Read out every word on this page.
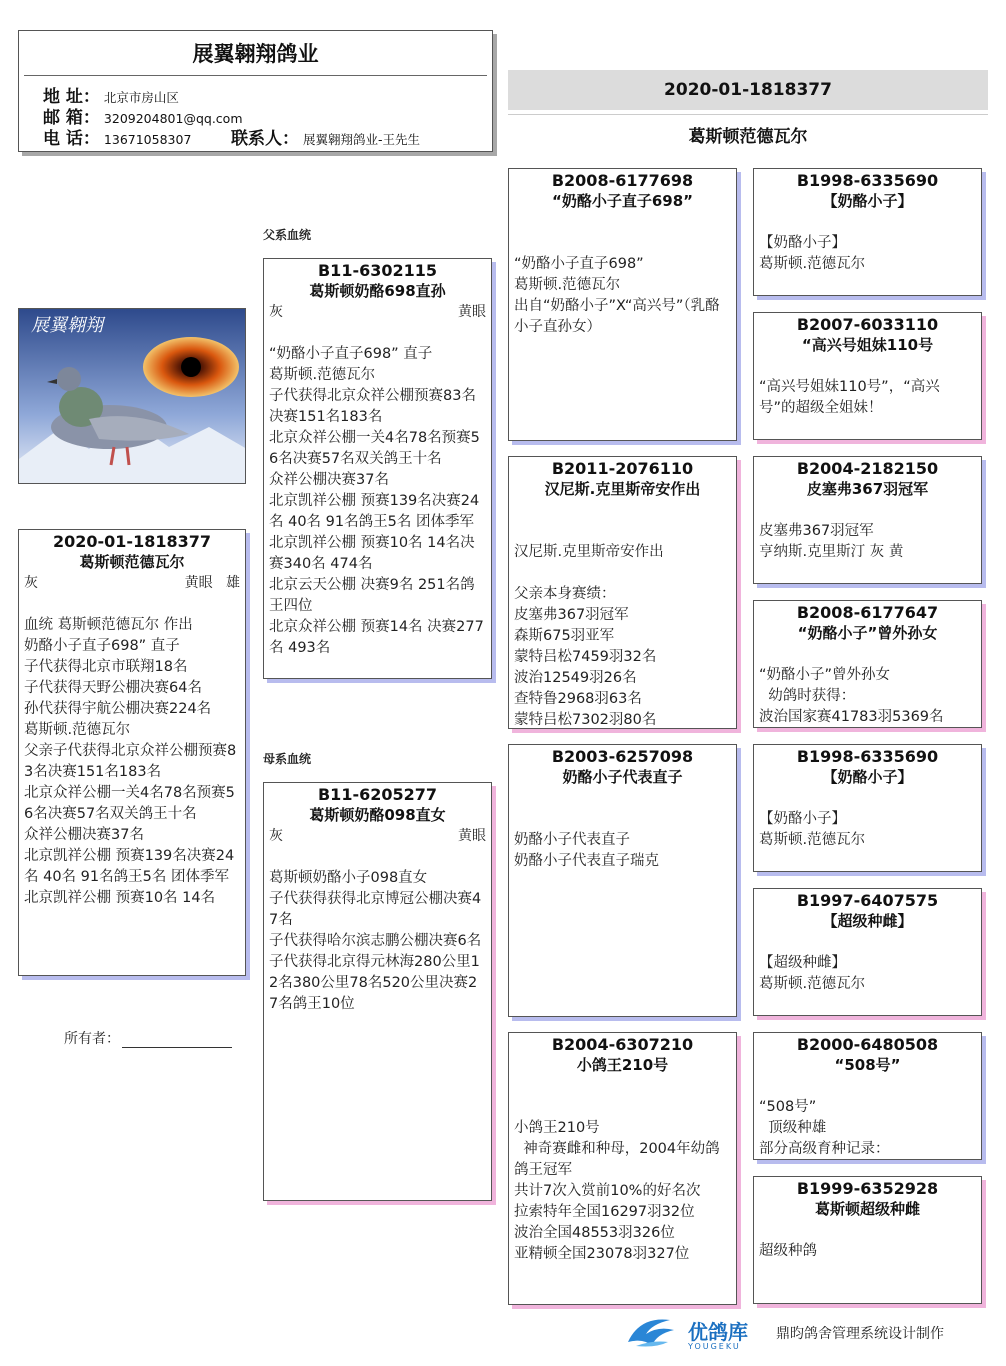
展翼翱翔鸽业
地 址： 北京市房山区
邮 箱： 3209204801@qq.com
电 话： 13671058307 联系人： 展翼翱翔鸽业-王先生
2020-01-1818377
葛斯顿范德瓦尔
展翼翱翔
2020-01-1818377
葛斯顿范德瓦尔
灰	黄眼 雄

血统 葛斯顿范德瓦尔 作出
奶酪小子直子698” 直子
子代获得北京市联翔18名
子代获得天野公棚决赛64名
孙代获得宇航公棚决赛224名
葛斯顿.范德瓦尔
父亲子代获得北京众祥公棚预赛83名决赛151名183名
北京众祥公棚一关4名78名预赛56名决赛57名双关鸽王十名
众祥公棚决赛37名
北京凯祥公棚 预赛139名决赛24名 40名 91名鸽王5名 团体季军
北京凯祥公棚 预赛10名 14名
所有者：
父系血统
母系血统
B11-6302115
葛斯顿奶酪698直孙
灰	黄眼

“奶酪小子直子698” 直子
葛斯顿.范德瓦尔
子代获得北京众祥公棚预赛83名决赛151名183名
北京众祥公棚一关4名78名预赛56名决赛57名双关鸽王十名
众祥公棚决赛37名
北京凯祥公棚 预赛139名决赛24名 40名 91名鸽王5名 团体季军
北京凯祥公棚 预赛10名 14名决赛340名 474名
北京云天公棚 决赛9名 251名鸽王四位
北京众祥公棚 预赛14名 决赛277名 493名
B11-6205277
葛斯顿奶酪098直女
灰	黄眼

葛斯顿奶酪小子098直女
子代获得获得北京博冠公棚决赛47名
子代获得哈尔滨志鹏公棚决赛6名
子代获得北京得元林海280公里12名380公里78名520公里决赛27名鸽王10位
B2008-6177698
“奶酪小子直子698”

“奶酪小子直子698”
葛斯顿.范德瓦尔
出自“奶酪小子”X“高兴号”（乳酪小子直孙女）
B2011-2076110
汉尼斯.克里斯帝安作出

汉尼斯.克里斯帝安作出

父亲本身赛绩：
皮塞弗367羽冠军
森斯675羽亚军
蒙特吕松7459羽32名
波治12549羽26名
查特鲁2968羽63名
蒙特吕松7302羽80名
B2003-6257098
奶酪小子代表直子

奶酪小子代表直子
奶酪小子代表直子瑞克
B2004-6307210
小鸽王210号

小鸽王210号
神奇赛雌和种母，2004年幼鸽鸽王冠军
共计7次入赏前10%的好名次
拉索特年全国16297羽32位
波治全国48553羽326位
亚精顿全国23078羽327位
B1998-6335690
【奶酪小子】

【奶酪小子】
葛斯顿.范德瓦尔
B2007-6033110
“高兴号姐妹110号

“高兴号姐妹110号”，“高兴号”的超级全姐妹！
B2004-2182150
皮塞弗367羽冠军

皮塞弗367羽冠军
亨纳斯.克里斯汀 灰 黄
B2008-6177647
“奶酪小子”曾外孙女

“奶酪小子”曾外孙女
幼鸽时获得：
波治国家赛41783羽5369名
B1998-6335690
【奶酪小子】

【奶酪小子】
葛斯顿.范德瓦尔
B1997-6407575
【超级种雌】

【超级种雌】
葛斯顿.范德瓦尔
B2000-6480508
“508号”

“508号”
顶级种雄
部分高级育种记录：
B1999-6352928
葛斯顿超级种雌

超级种鸽
优鸽库
YOUGEKU
鼎昀鸽舍管理系统设计制作
